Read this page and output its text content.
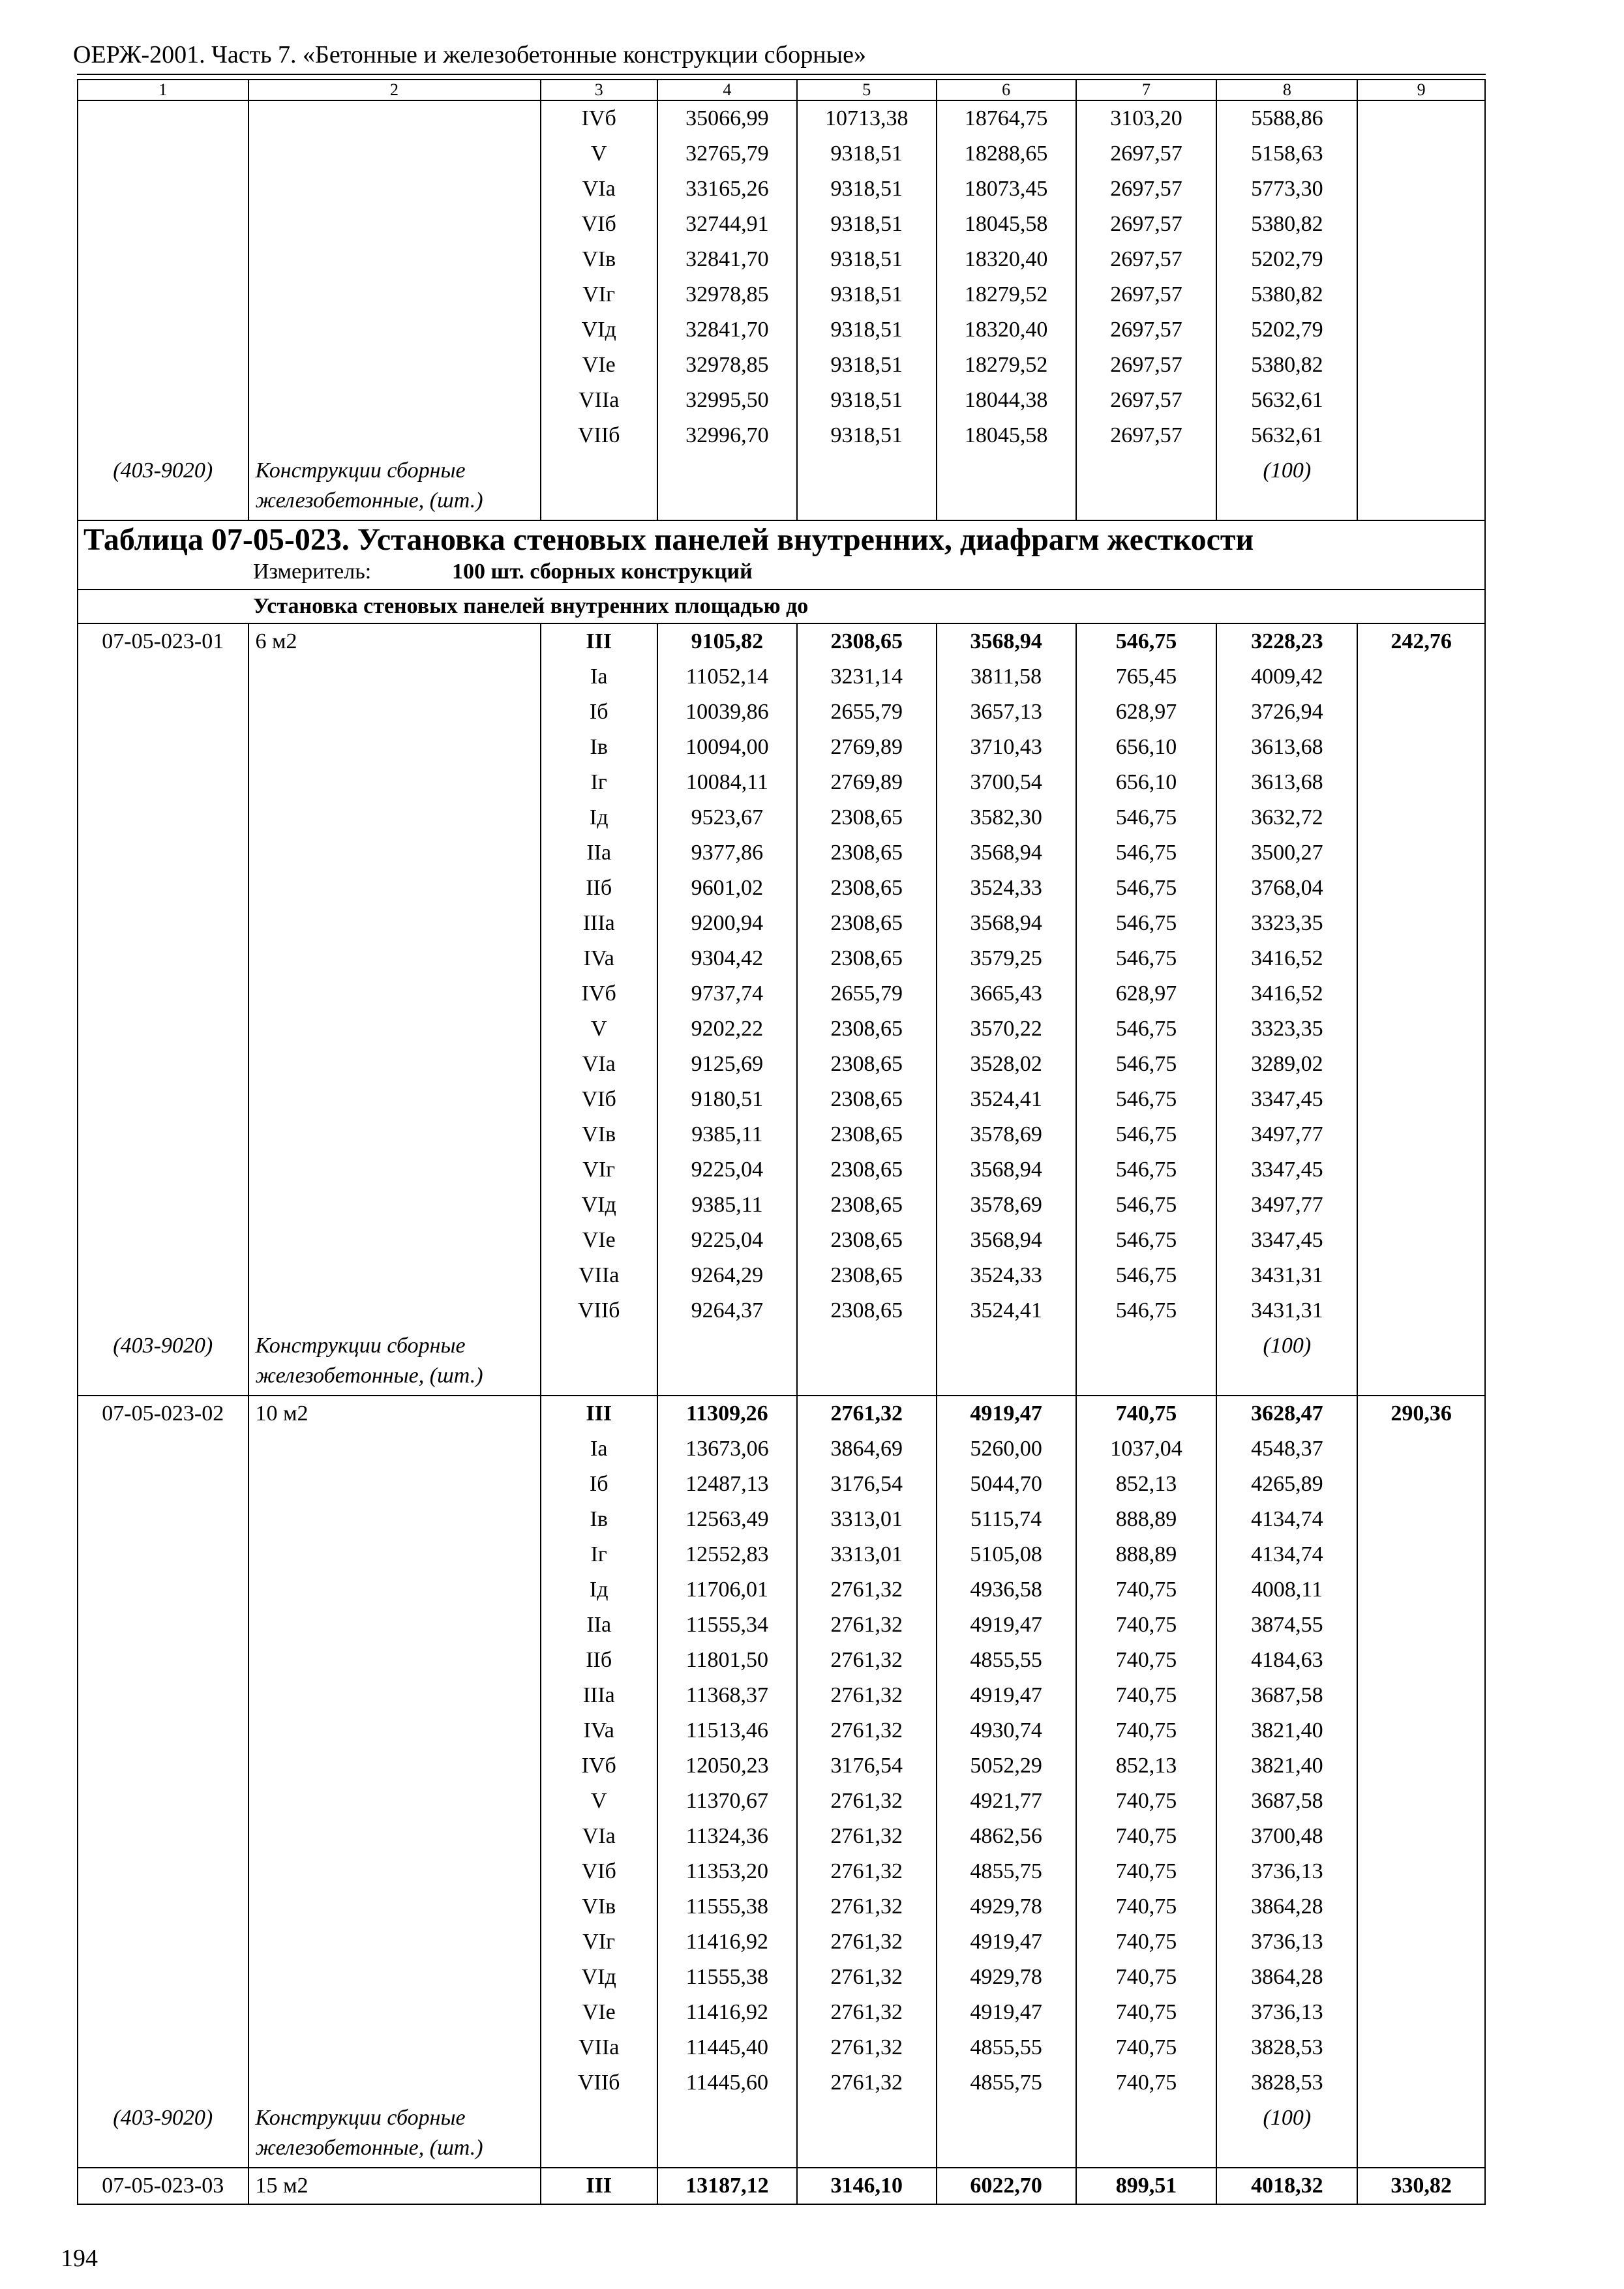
ОЕРЖ-2001. Часть 7. «Бетонные и железобетонные конструкции сборные»
1	2	3	4	5	6	7	8	9
		IVб	35066,99	10713,38	18764,75	3103,20	5588,86	
		V	32765,79	9318,51	18288,65	2697,57	5158,63	
		VIa	33165,26	9318,51	18073,45	2697,57	5773,30	
		VIб	32744,91	9318,51	18045,58	2697,57	5380,82	
		VIв	32841,70	9318,51	18320,40	2697,57	5202,79	
		VIг	32978,85	9318,51	18279,52	2697,57	5380,82	
		VIд	32841,70	9318,51	18320,40	2697,57	5202,79	
		VIе	32978,85	9318,51	18279,52	2697,57	5380,82	
		VIIa	32995,50	9318,51	18044,38	2697,57	5632,61	
		VIIб	32996,70	9318,51	18045,58	2697,57	5632,61	
(403-9020)	Конструкции сборные железобетонные, (шт.)						(100)	

Таблица 07-05-023. Установка стеновых панелей внутренних, диафрагм жесткости
Измеритель: 100 шт. сборных конструкций								

Установка стеновых панелей внутренних площадью до								
07-05-023-01	6 м2	III	9105,82	2308,65	3568,94	546,75	3228,23	242,76
		Ia	11052,14	3231,14	3811,58	765,45	4009,42	
		Iб	10039,86	2655,79	3657,13	628,97	3726,94	
		Iв	10094,00	2769,89	3710,43	656,10	3613,68	
		Iг	10084,11	2769,89	3700,54	656,10	3613,68	
		Iд	9523,67	2308,65	3582,30	546,75	3632,72	
		IIa	9377,86	2308,65	3568,94	546,75	3500,27	
		IIб	9601,02	2308,65	3524,33	546,75	3768,04	
		IIIa	9200,94	2308,65	3568,94	546,75	3323,35	
		IVa	9304,42	2308,65	3579,25	546,75	3416,52	
		IVб	9737,74	2655,79	3665,43	628,97	3416,52	
		V	9202,22	2308,65	3570,22	546,75	3323,35	
		VIa	9125,69	2308,65	3528,02	546,75	3289,02	
		VIб	9180,51	2308,65	3524,41	546,75	3347,45	
		VIв	9385,11	2308,65	3578,69	546,75	3497,77	
		VIг	9225,04	2308,65	3568,94	546,75	3347,45	
		VIд	9385,11	2308,65	3578,69	546,75	3497,77	
		VIе	9225,04	2308,65	3568,94	546,75	3347,45	
		VIIa	9264,29	2308,65	3524,33	546,75	3431,31	
		VIIб	9264,37	2308,65	3524,41	546,75	3431,31	
(403-9020)	Конструкции сборные железобетонные, (шт.)						(100)	
07-05-023-02	10 м2	III	11309,26	2761,32	4919,47	740,75	3628,47	290,36
		Ia	13673,06	3864,69	5260,00	1037,04	4548,37	
		Iб	12487,13	3176,54	5044,70	852,13	4265,89	
		Iв	12563,49	3313,01	5115,74	888,89	4134,74	
		Iг	12552,83	3313,01	5105,08	888,89	4134,74	
		Iд	11706,01	2761,32	4936,58	740,75	4008,11	
		IIa	11555,34	2761,32	4919,47	740,75	3874,55	
		IIб	11801,50	2761,32	4855,55	740,75	4184,63	
		IIIa	11368,37	2761,32	4919,47	740,75	3687,58	
		IVa	11513,46	2761,32	4930,74	740,75	3821,40	
		IVб	12050,23	3176,54	5052,29	852,13	3821,40	
		V	11370,67	2761,32	4921,77	740,75	3687,58	
		VIa	11324,36	2761,32	4862,56	740,75	3700,48	
		VIб	11353,20	2761,32	4855,75	740,75	3736,13	
		VIв	11555,38	2761,32	4929,78	740,75	3864,28	
		VIг	11416,92	2761,32	4919,47	740,75	3736,13	
		VIд	11555,38	2761,32	4929,78	740,75	3864,28	
		VIе	11416,92	2761,32	4919,47	740,75	3736,13	
		VIIa	11445,40	2761,32	4855,55	740,75	3828,53	
		VIIб	11445,60	2761,32	4855,75	740,75	3828,53	
(403-9020)	Конструкции сборные железобетонные, (шт.)						(100)	
07-05-023-03	15 м2	III	13187,12	3146,10	6022,70	899,51	4018,32	330,82
194
